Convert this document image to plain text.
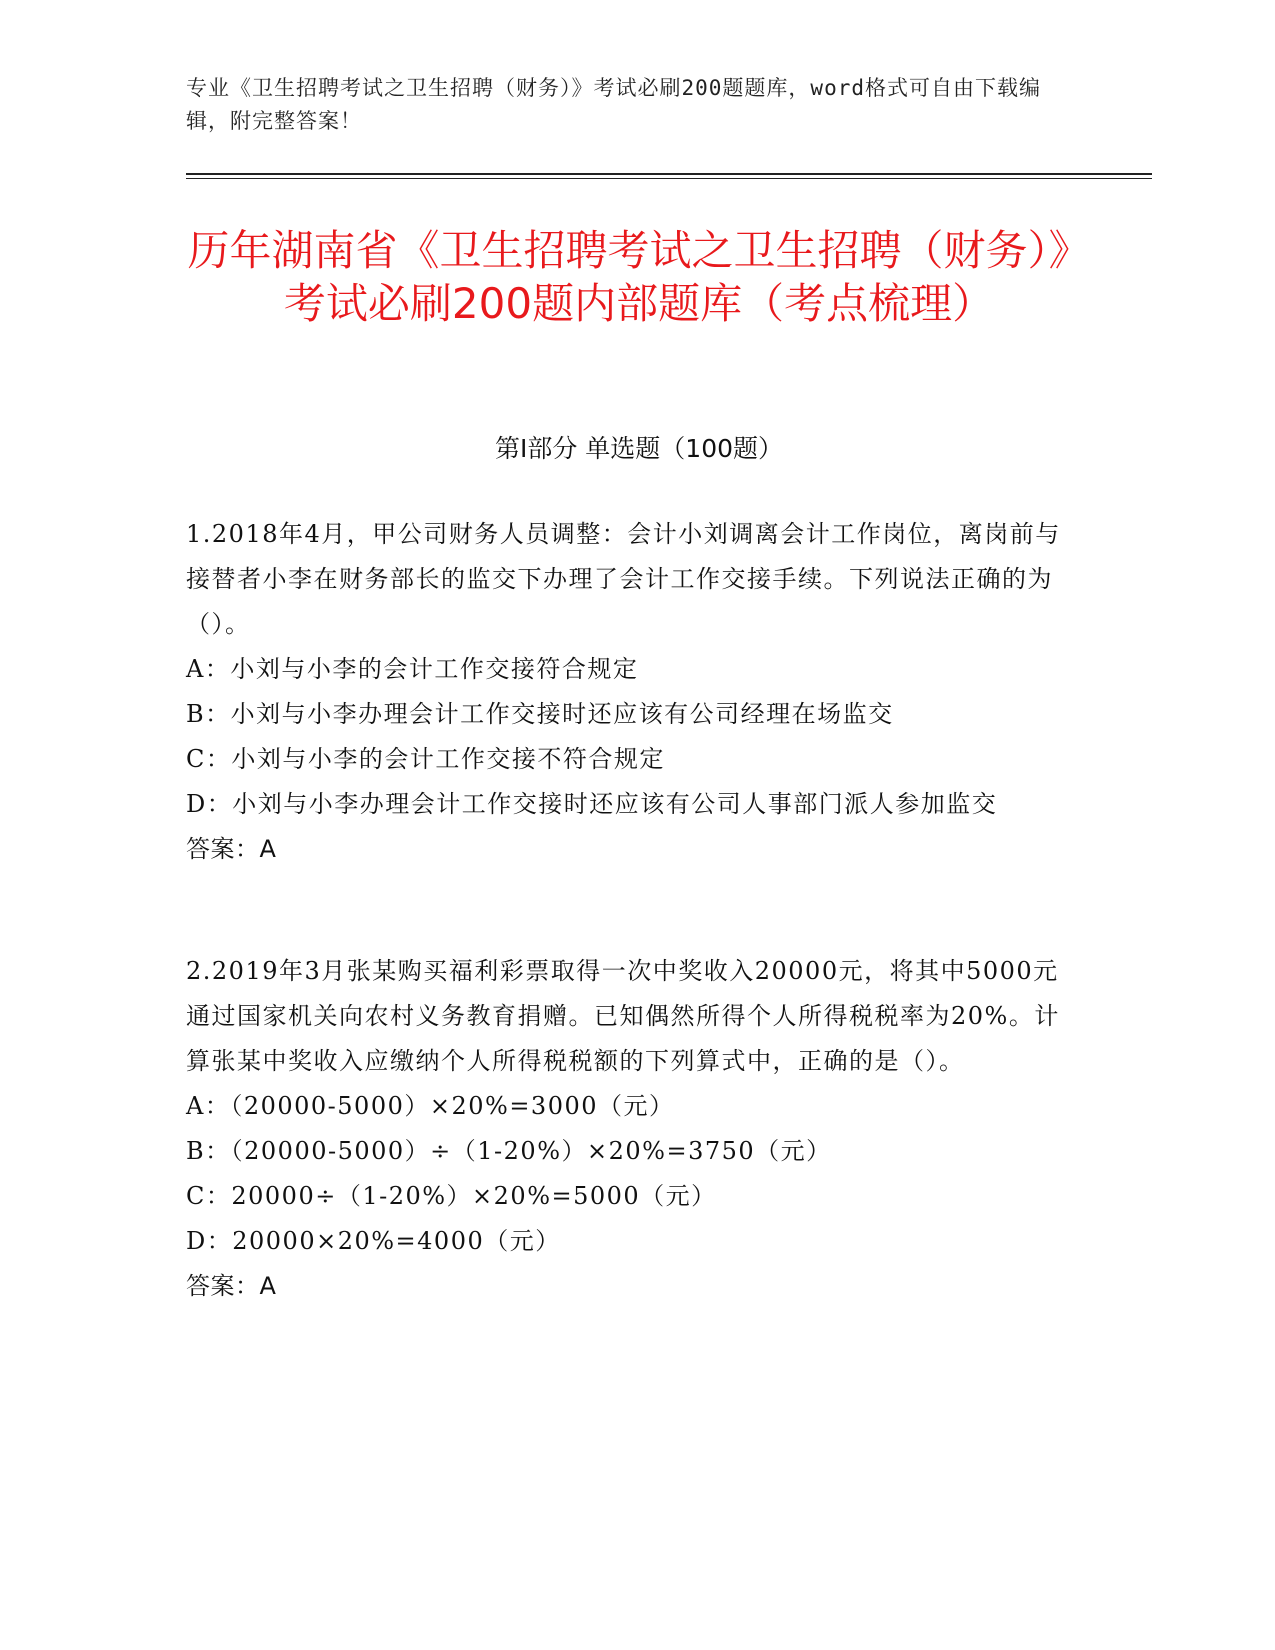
专业《卫生招聘考试之卫生招聘（财务）》考试必刷200题题库，word格式可自由下载编辑，附完整答案！
历年湖南省《卫生招聘考试之卫生招聘（财务）》考试必刷200题内部题库（考点梳理）
第Ⅰ部分 单选题（100题）
1.2018年4月，甲公司财务人员调整：会计小刘调离会计工作岗位，离岗前与接替者小李在财务部长的监交下办理了会计工作交接手续。下列说法正确的为（）。
A：小刘与小李的会计工作交接符合规定
B：小刘与小李办理会计工作交接时还应该有公司经理在场监交
C：小刘与小李的会计工作交接不符合规定
D：小刘与小李办理会计工作交接时还应该有公司人事部门派人参加监交
答案：A
2.2019年3月张某购买福利彩票取得一次中奖收入20000元，将其中5000元通过国家机关向农村义务教育捐赠。已知偶然所得个人所得税税率为20%。计算张某中奖收入应缴纳个人所得税税额的下列算式中，正确的是（）。
A：（20000-5000）×20%=3000（元）
B：（20000-5000）÷（1-20%）×20%=3750（元）
C：20000÷（1-20%）×20%=5000（元）
D：20000×20%=4000（元）
答案：A
